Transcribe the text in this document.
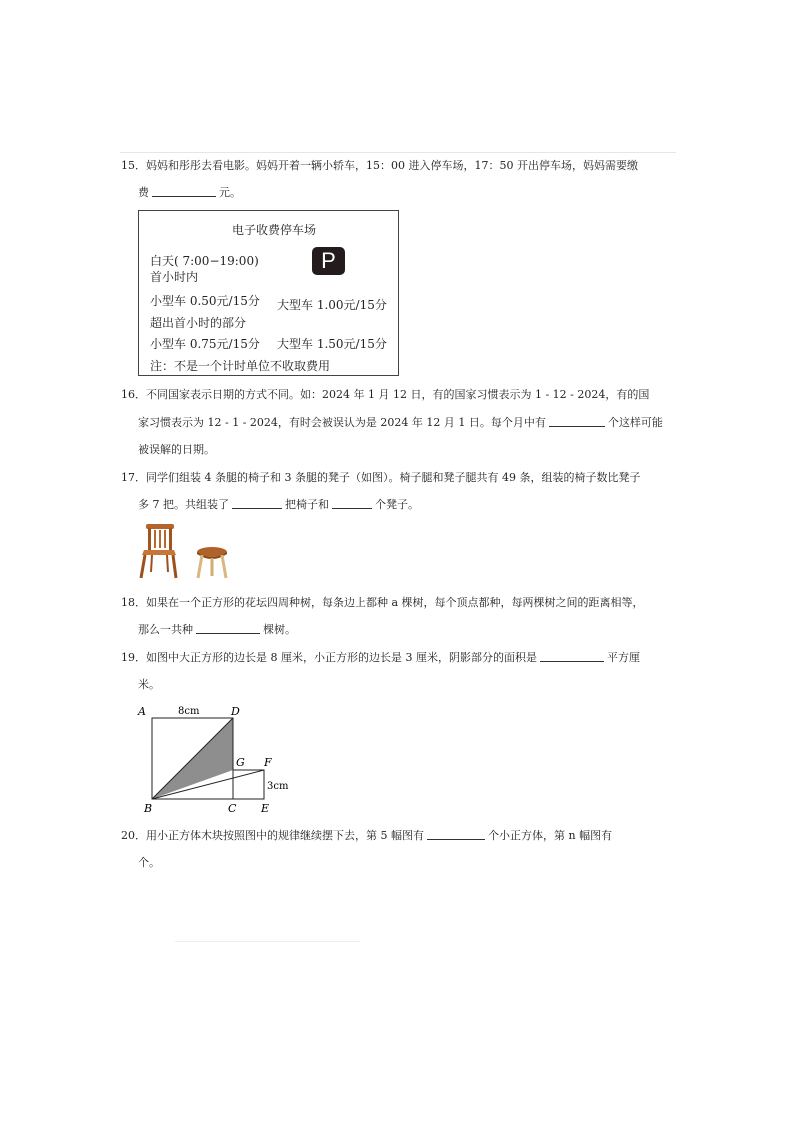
15．妈妈和彤彤去看电影。妈妈开着一辆小轿车，15：00 进入停车场，17：50 开出停车场，妈妈需要缴
费	元。
电子收费停车场
白天( 7:00−19:00)	P
首小时内
小型车 0.50元/15分 大型车 1.00元/15分
超出首小时的部分
小型车 0.75元/15分 大型车 1.50元/15分
注：不是一个计时单位不收取费用
16．不同国家表示日期的方式不同。如：2024 年 1 月 12 日，有的国家习惯表示为 1 - 12 - 2024，有的国
家习惯表示为 12 - 1 - 2024，有时会被误认为是 2024 年 12 月 1 日。每个月中有	个这样可能
被误解的日期。
17．同学们组装 4 条腿的椅子和 3 条腿的凳子（如图）。椅子腿和凳子腿共有 49 条，组装的椅子数比凳子
多 7 把。共组装了	把椅子和	个凳子。
18．如果在一个正方形的花坛四周种树，每条边上都种 a 棵树，每个顶点都种，每两棵树之间的距离相等，
那么一共种	棵树。
19．如图中大正方形的边长是 8 厘米，小正方形的边长是 3 厘米，阴影部分的面积是	平方厘
米。
A	D
8cm
G F
3cm
B	C E
20．用小正方体木块按照图中的规律继续摆下去，第 5 幅图有	个小正方体，第 n 幅图有
个。
